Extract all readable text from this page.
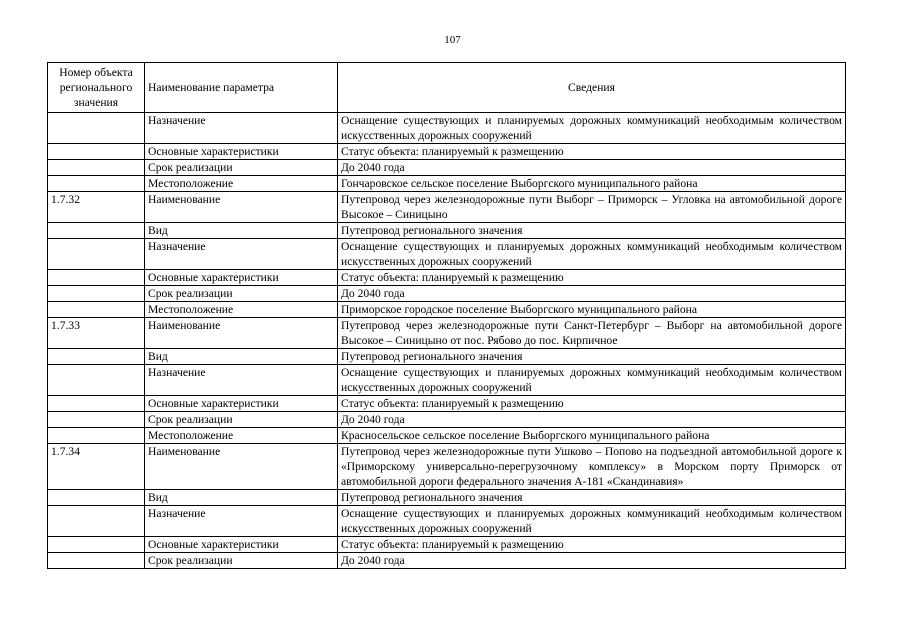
107
Номер объекта регионального значения	Наименование параметра	Сведения
	Назначение	Оснащение существующих и планируемых дорожных коммуникаций необходимым количеством искусственных дорожных сооружений
	Основные характеристики	Статус объекта: планируемый к размещению
	Срок реализации	До 2040 года
	Местоположение	Гончаровское сельское поселение Выборгского муниципального района
1.7.32	Наименование	Путепровод через железнодорожные пути Выборг – Приморск – Угловка на автомобильной дороге Высокое – Синицыно
	Вид	Путепровод регионального значения
	Назначение	Оснащение существующих и планируемых дорожных коммуникаций необходимым количеством искусственных дорожных сооружений
	Основные характеристики	Статус объекта: планируемый к размещению
	Срок реализации	До 2040 года
	Местоположение	Приморское городское поселение Выборгского муниципального района
1.7.33	Наименование	Путепровод через железнодорожные пути Санкт-Петербург – Выборг на автомобильной дороге Высокое – Синицыно от пос. Рябово до пос. Кирпичное
	Вид	Путепровод регионального значения
	Назначение	Оснащение существующих и планируемых дорожных коммуникаций необходимым количеством искусственных дорожных сооружений
	Основные характеристики	Статус объекта: планируемый к размещению
	Срок реализации	До 2040 года
	Местоположение	Красносельское сельское поселение Выборгского муниципального района
1.7.34	Наименование	Путепровод через железнодорожные пути Ушково – Попово на подъездной автомобильной дороге к «Приморскому универсально-перегрузочному комплексу» в Морском порту Приморск от автомобильной дороги федерального значения А-181 «Скандинавия»
	Вид	Путепровод регионального значения
	Назначение	Оснащение существующих и планируемых дорожных коммуникаций необходимым количеством искусственных дорожных сооружений
	Основные характеристики	Статус объекта: планируемый к размещению
	Срок реализации	До 2040 года
